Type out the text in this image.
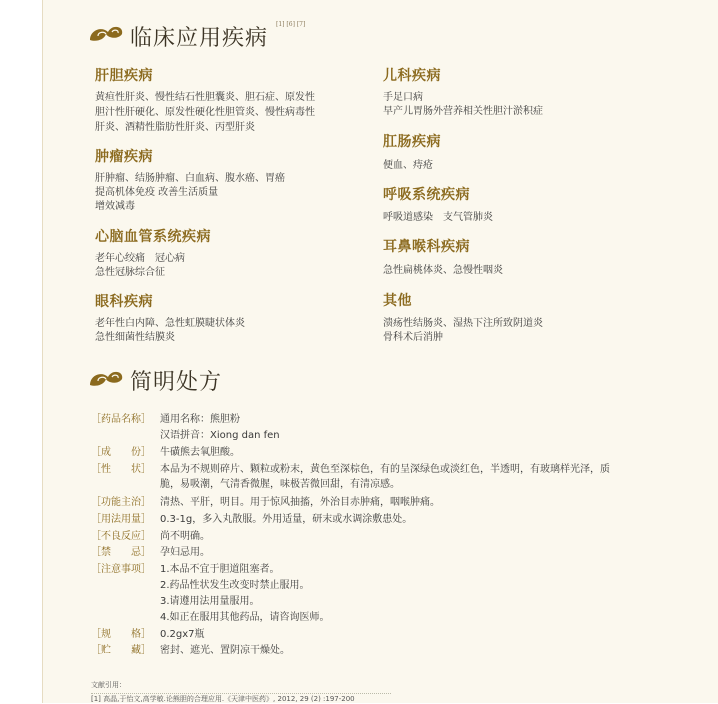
临床应用疾病
[1] [6] [7]
肝胆疾病
黄疸性肝炎、慢性结石性胆囊炎、胆石症、原发性
胆汁性肝硬化、原发性硬化性胆管炎、慢性病毒性
肝炎、酒精性脂肪性肝炎、丙型肝炎
肿瘤疾病
肝肿瘤、结肠肿瘤、白血病、腹水癌、胃癌
提高机体免疫 改善生活质量
增效减毒
心脑血管系统疾病
老年心绞痛　冠心病
急性冠脉综合征
眼科疾病
老年性白内障、急性虹膜睫状体炎
急性细菌性结膜炎
儿科疾病
手足口病
早产儿胃肠外营养相关性胆汁淤积症
肛肠疾病
便血、痔疮
呼吸系统疾病
呼吸道感染　支气管肺炎
耳鼻喉科疾病
急性扁桃体炎、急慢性咽炎
其他
溃疡性结肠炎、湿热下注所致阴道炎
骨科术后消肿
简明处方
［药品名称］ 通用名称：熊胆粉
汉语拼音：Xiong dan fen
［成　　份］ 牛磺熊去氧胆酸。
［性　　状］ 本品为不规则碎片、颗粒或粉末，黄色至深棕色，有的呈深绿色或淡红色，半透明，有玻璃样光泽，质
脆，易吸潮，气清香微腥，味极苦微回甜，有清凉感。
［功能主治］ 清热、平肝，明目。用于惊风抽搐，外治目赤肿痛，咽喉肿痛。
［用法用量］ 0.3-1g，多入丸散服。外用适量，研末或水调涂敷患处。
［不良反应］ 尚不明确。
［禁　　忌］ 孕妇忌用。
［注意事项］ 1.本品不宜于胆道阻塞者。
2.药品性状发生改变时禁止服用。
3.请遵用法用量服用。
4.如正在服用其他药品，请咨询医师。
［规　　格］ 0.2gx7瓶
［贮　　藏］ 密封、遮光、置阴凉干燥处。
文献引用：
[1] 高晶,于怡文,高学敏.论熊胆的合理应用.《天津中医药》, 2012, 29 (2) :197-200
